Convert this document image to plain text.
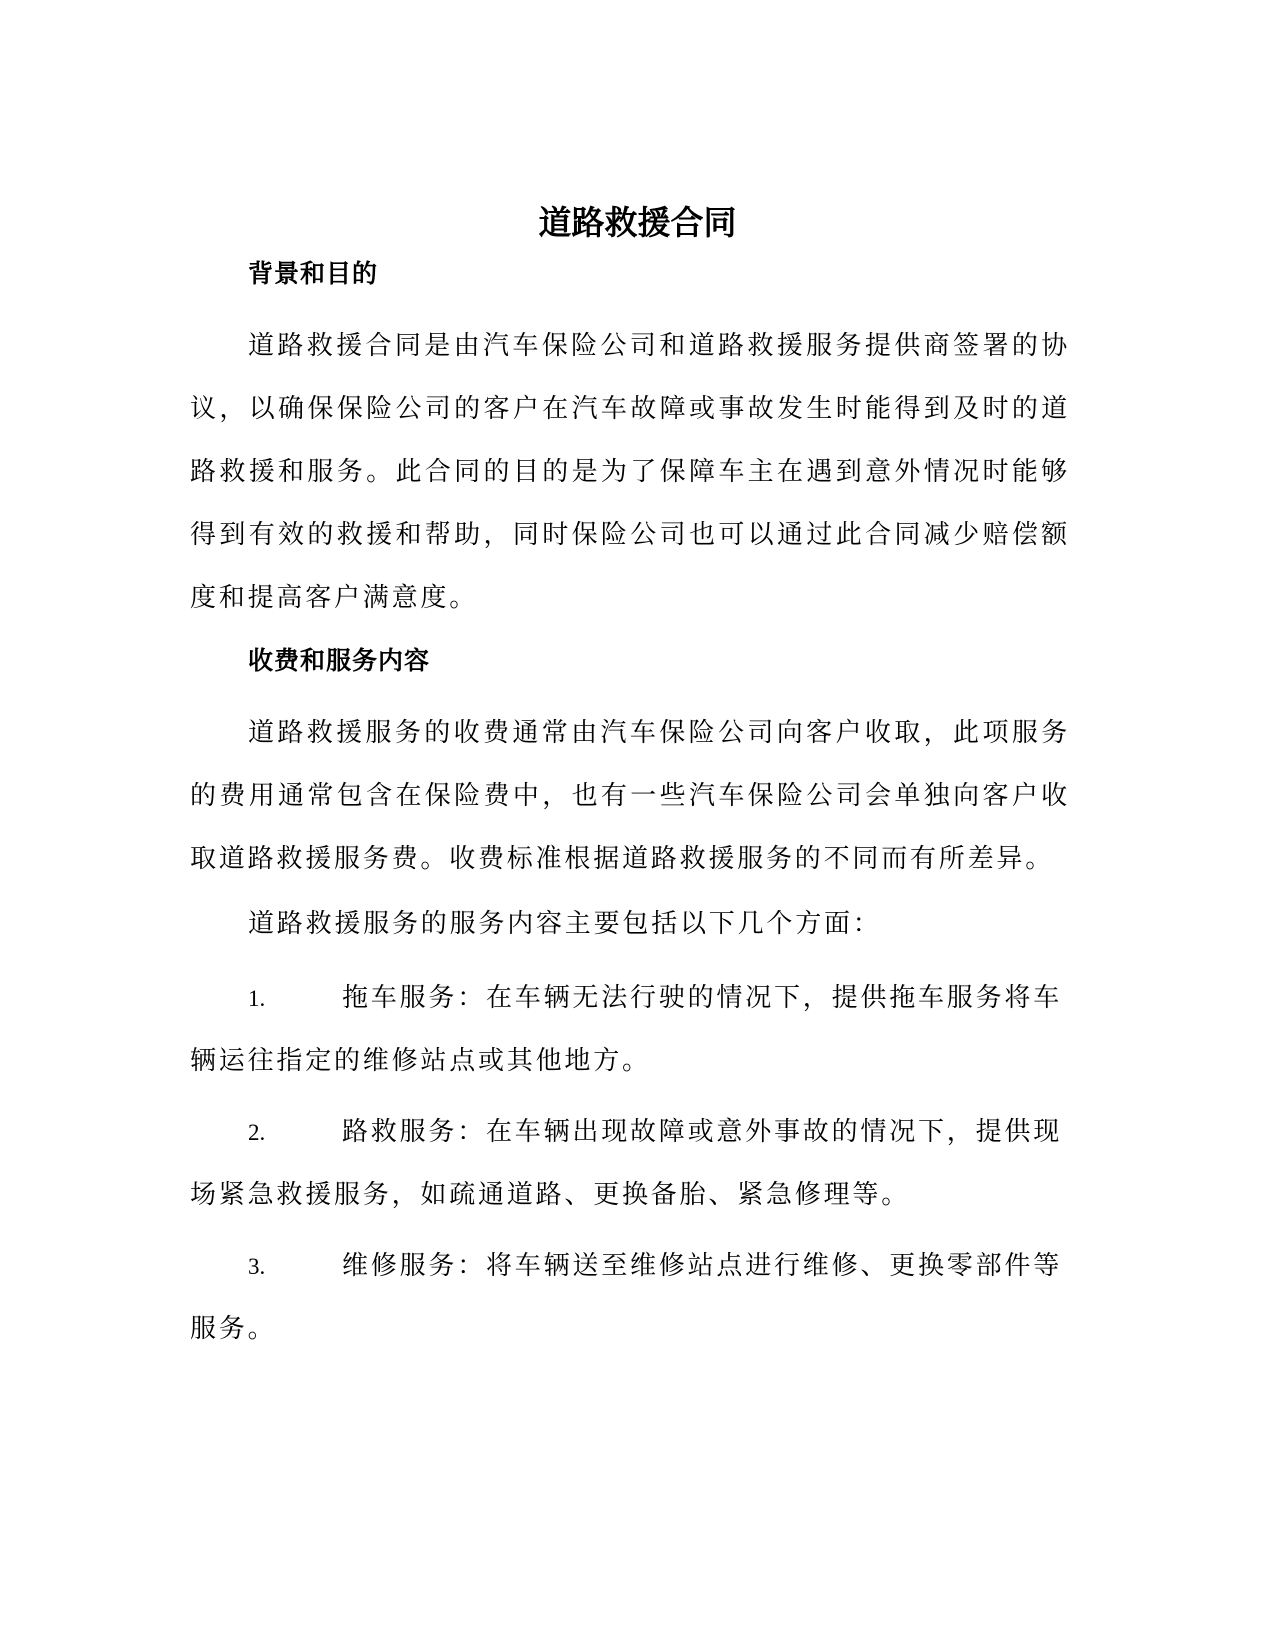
道路救援合同
背景和目的

道路救援合同是由汽车保险公司和道路救援服务提供商签署的协议，以确保保险公司的客户在汽车故障或事故发生时能得到及时的道路救援和服务。此合同的目的是为了保障车主在遇到意外情况时能够得到有效的救援和帮助，同时保险公司也可以通过此合同减少赔偿额度和提高客户满意度。

收费和服务内容

道路救援服务的收费通常由汽车保险公司向客户收取，此项服务的费用通常包含在保险费中，也有一些汽车保险公司会单独向客户收取道路救援服务费。收费标准根据道路救援服务的不同而有所差异。

道路救援服务的服务内容主要包括以下几个方面：

1.	拖车服务：在车辆无法行驶的情况下，提供拖车服务将车辆运往指定的维修站点或其他地方。

2.	路救服务：在车辆出现故障或意外事故的情况下，提供现场紧急救援服务，如疏通道路、更换备胎、紧急修理等。

3.	维修服务：将车辆送至维修站点进行维修、更换零部件等服务。
